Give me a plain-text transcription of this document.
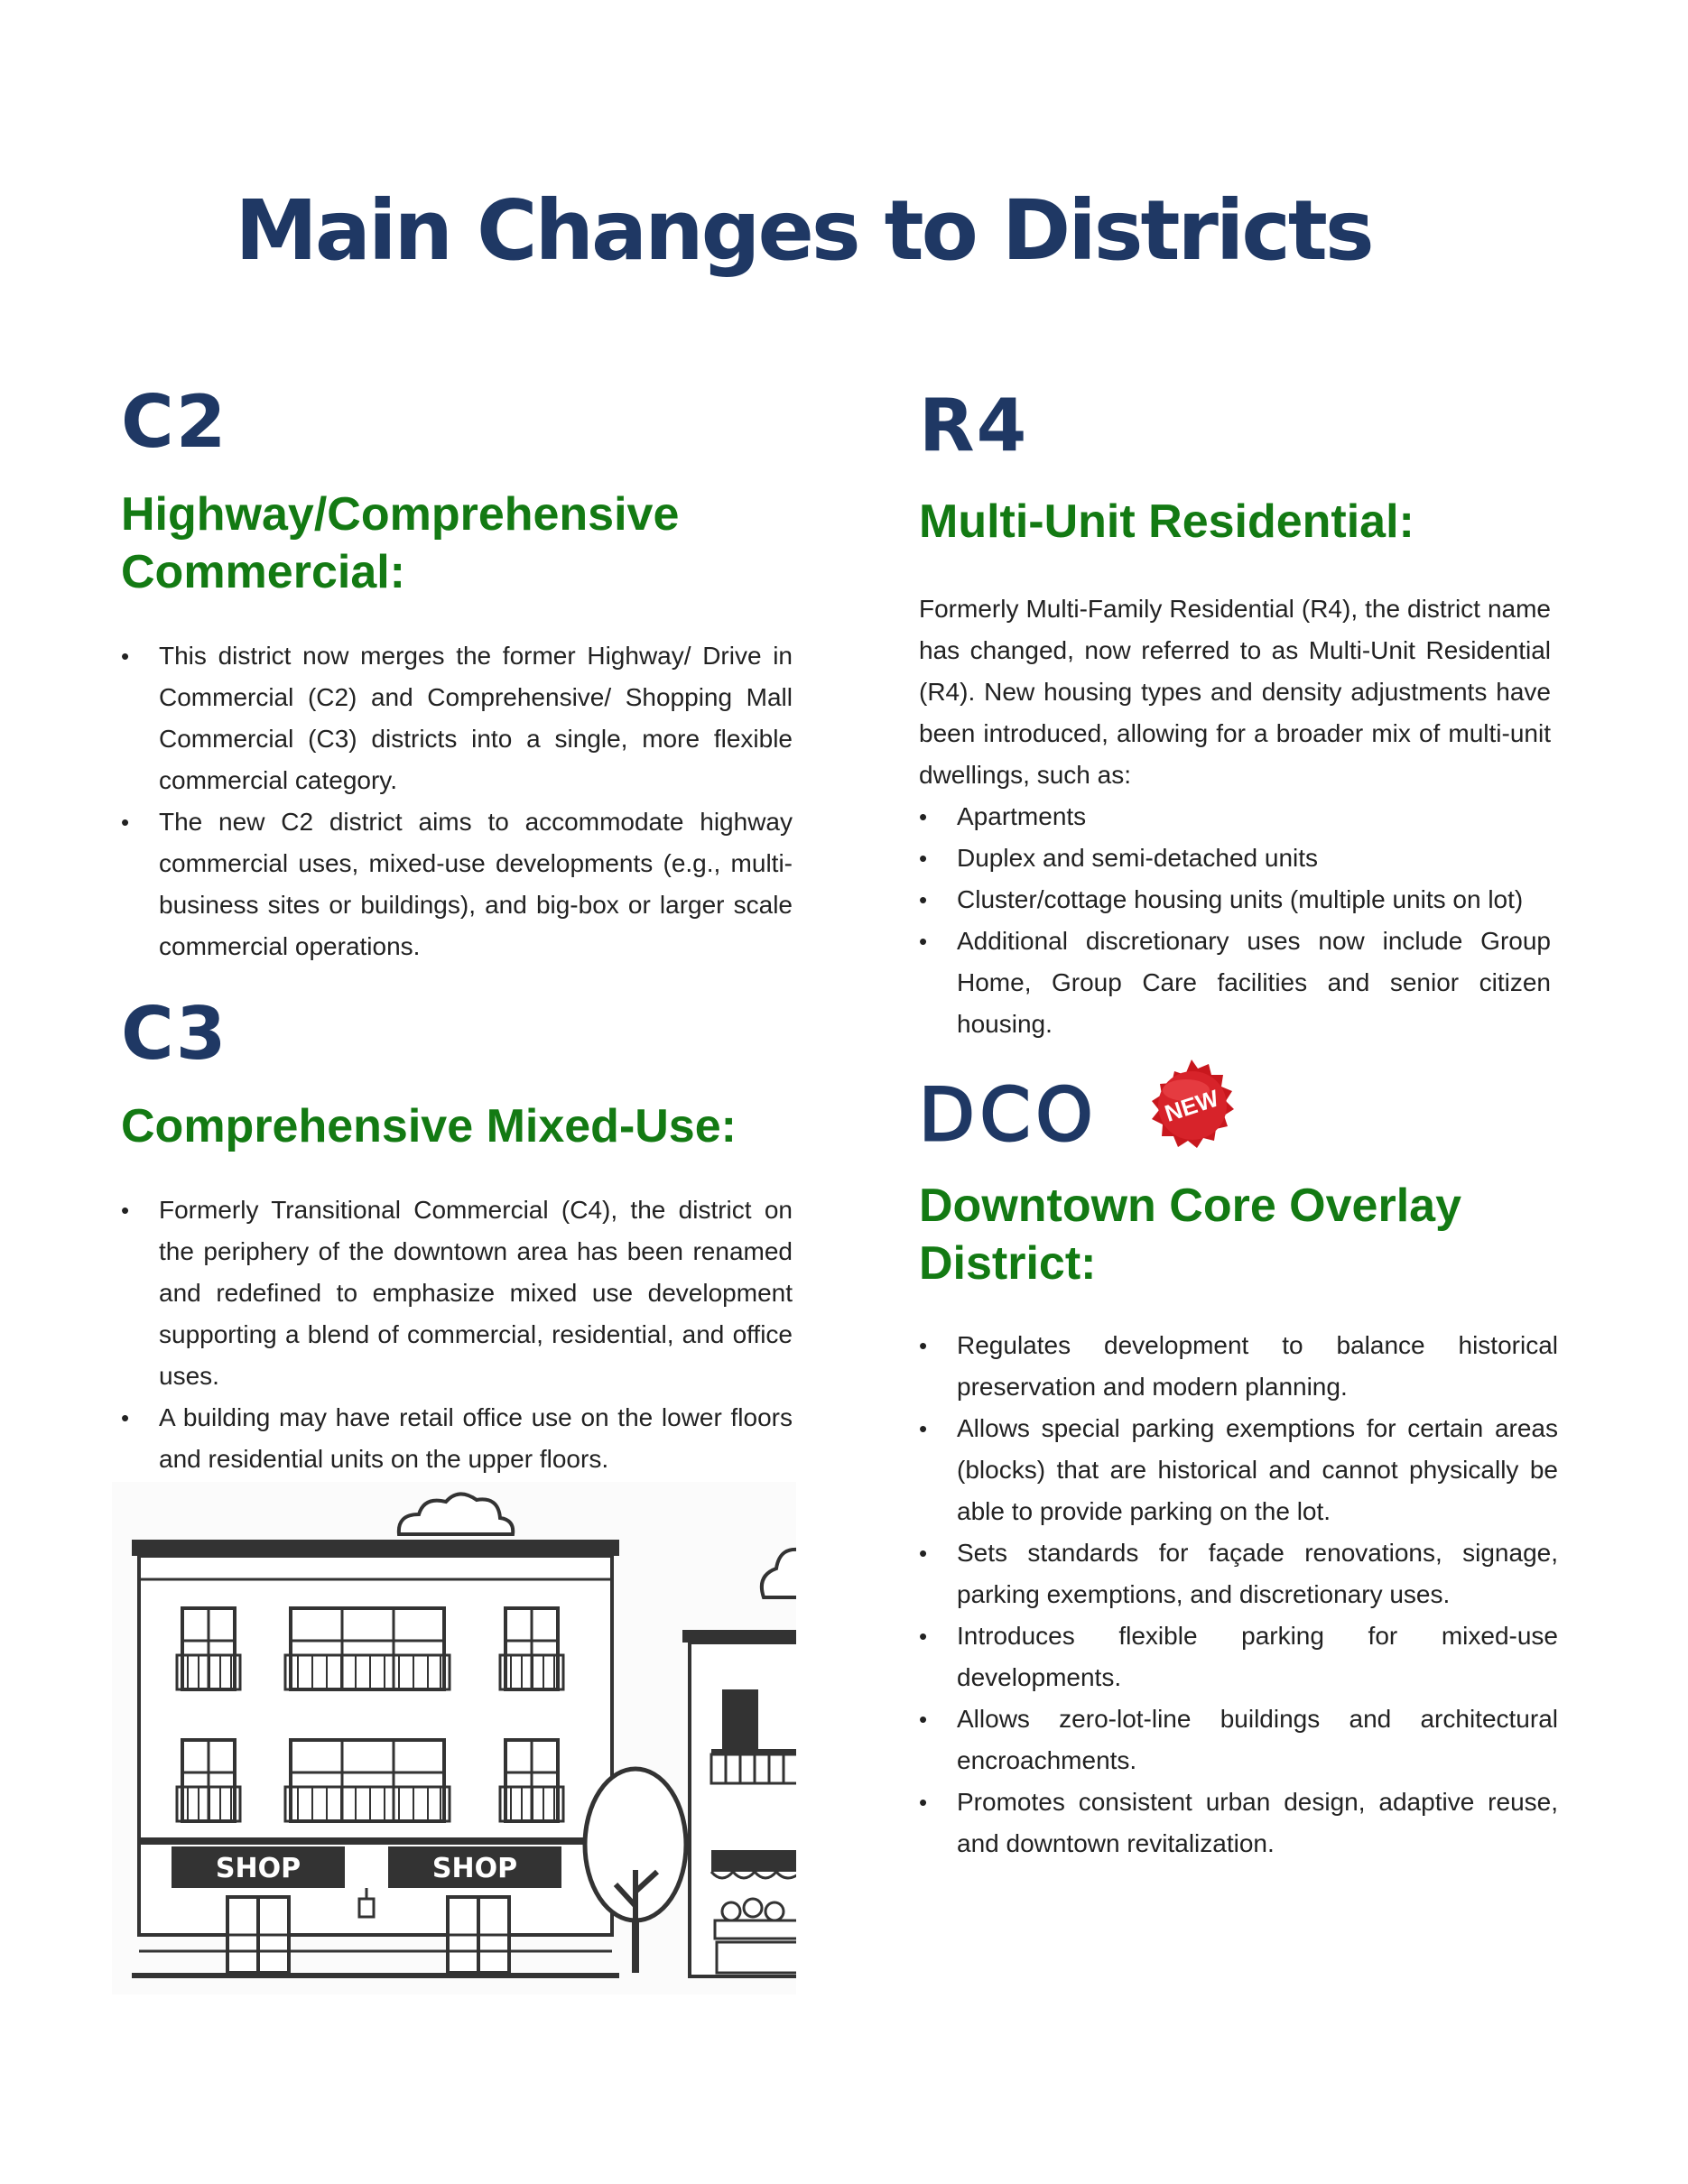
Main Changes to Districts

C2

Highway/Comprehensive

Commercial:

• This district now merges the former Highway/ Drive in Commercial (C2) and Comprehensive/ Shopping Mall Commercial (C3) districts into a single, more flexible commercial category.
• The new C2 district aims to accommodate highway commercial uses, mixed-use developments (e.g., multi-business sites or buildings), and big-box or larger scale commercial operations.

C3

Comprehensive Mixed-Use:

• Formerly Transitional Commercial (C4), the district on the periphery of the downtown area has been renamed and redefined to emphasize mixed use development supporting a blend of commercial, residential, and office uses.
• A building may have retail office use on the lower floors and residential units on the upper floors.
•

R4

Multi-Unit Residential:

Formerly Multi-Family Residential (R4), the district name has changed, now referred to as Multi-Unit Residential (R4). New housing types and density adjustments have been introduced, allowing for a broader mix of multi-unit dwellings, such as:

• Apartments
• Duplex and semi-detached units
• Cluster/cottage housing units (multiple units on lot)
• Additional discretionary uses now include Group Home, Group Care facilities and senior citizen housing.

DCO

Downtown Core Overlay

District:

• Regulates development to balance historical preservation and modern planning.
• Allows special parking exemptions for certain areas (blocks) that are historical and cannot physically be able to provide parking on the lot.
• Sets standards for façade renovations, signage, parking exemptions, and discretionary uses.
• Introduces flexible parking for mixed-use developments.
• Allows zero-lot-line buildings and architectural encroachments.
• Promotes consistent urban design, adaptive reuse, and downtown revitalization.
NEW
SHOP	SHOP
